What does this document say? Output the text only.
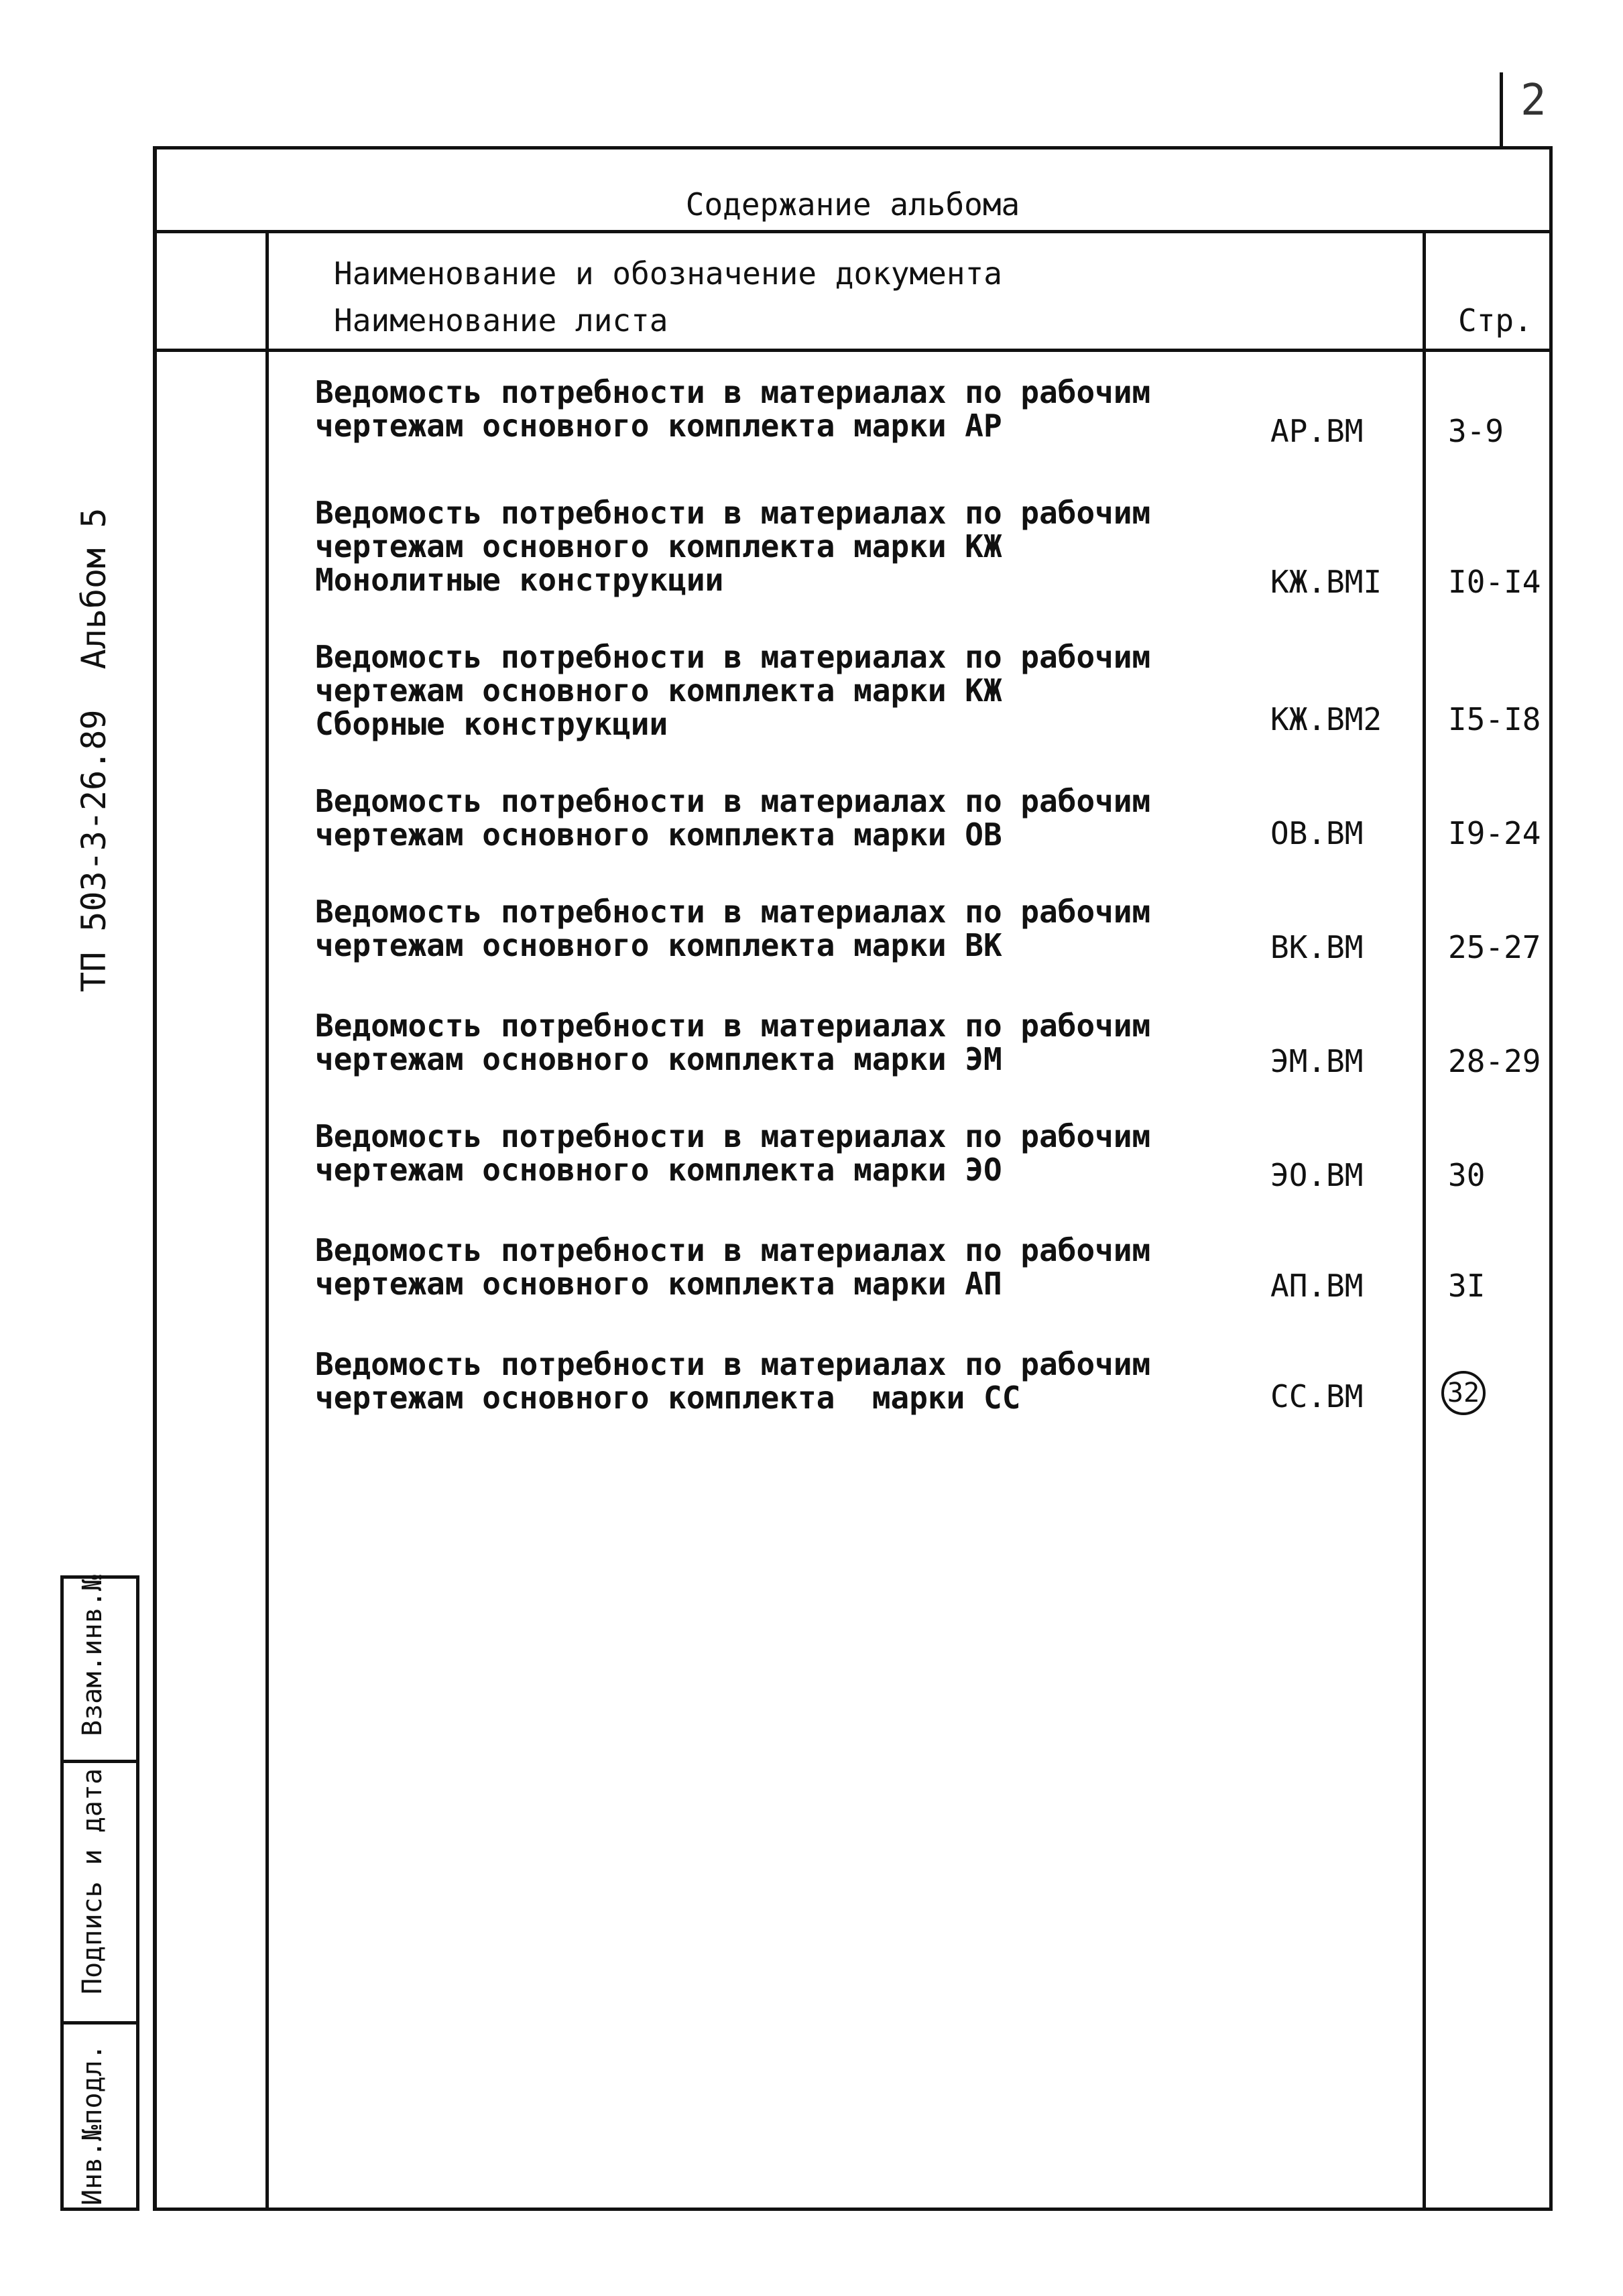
2
Содержание альбома
Наименование и обозначение документа
Наименование листа	Стр.
Ведомость потребности в материалах по рабочим
чертежам основного комплекта марки АР	АР.ВМ	3-9
Ведомость потребности в материалах по рабочим
чертежам основного комплекта марки КЖ
Монолитные конструкции	КЖ.ВМI I0-I4
Ведомость потребности в материалах по рабочим
чертежам основного комплекта марки КЖ
Сборные конструкции	КЖ.ВМ2 I5-I8
Ведомость потребности в материалах по рабочим
чертежам основного комплекта марки ОВ	ОВ.ВМ	I9-24
Ведомость потребности в материалах по рабочим
чертежам основного комплекта марки ВК	ВК.ВМ	25-27
Ведомость потребности в материалах по рабочим
чертежам основного комплекта марки ЭМ	ЭМ.ВМ	28-29
Ведомость потребности в материалах по рабочим
чертежам основного комплекта марки ЭО	ЭО.ВМ	30
Ведомость потребности в материалах по рабочим
чертежам основного комплекта марки АП	АП.ВМ	3I
Ведомость потребности в материалах по рабочим
чертежам основного комплекта  марки СС	СС.ВМ	32
ТП 503-3-26.89  Альбом 5
Взам.инв.№
Подпись и дата
Инв.№подл.
